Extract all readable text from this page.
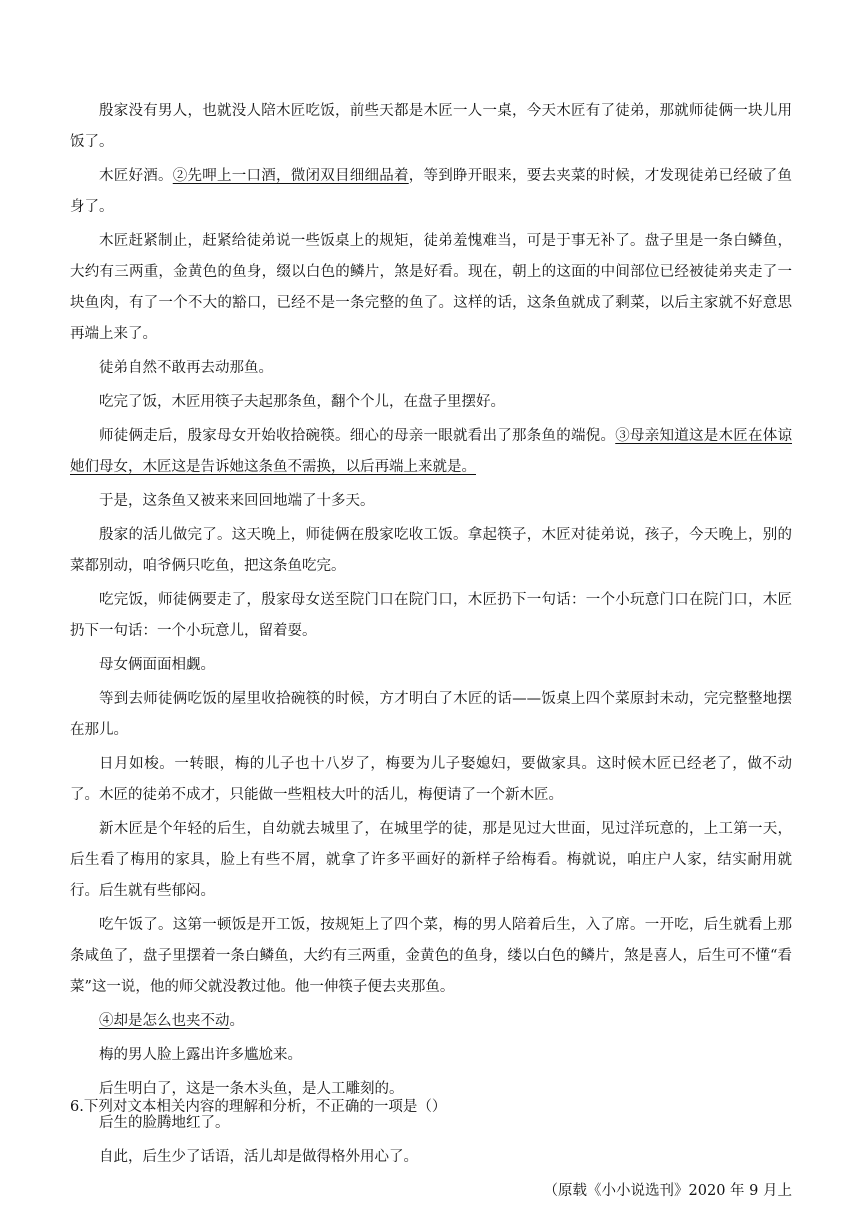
殷家没有男人，也就没人陪木匠吃饭，前些天都是木匠一人一桌，今天木匠有了徒弟，那就师徒俩一块儿用饭了。

木匠好酒。②先呷上一口酒，微闭双目细细品着，等到睁开眼来，要去夹菜的时候，才发现徒弟已经破了鱼身了。

木匠赶紧制止，赶紧给徒弟说一些饭桌上的规矩，徒弟羞愧难当，可是于事无补了。盘子里是一条白鳞鱼，大约有三两重，金黄色的鱼身，缀以白色的鳞片，煞是好看。现在，朝上的这面的中间部位已经被徒弟夹走了一块鱼肉，有了一个不大的豁口，已经不是一条完整的鱼了。这样的话，这条鱼就成了剩菜，以后主家就不好意思再端上来了。

徒弟自然不敢再去动那鱼。

吃完了饭，木匠用筷子夫起那条鱼，翻个个儿，在盘子里摆好。

师徒俩走后，殷家母女开始收拾碗筷。细心的母亲一眼就看出了那条鱼的端倪。③母亲知道这是木匠在体谅她们母女，木匠这是告诉她这条鱼不需换，以后再端上来就是。

于是，这条鱼又被来来回回地端了十多天。

殷家的活儿做完了。这天晚上，师徒俩在殷家吃收工饭。拿起筷子，木匠对徒弟说，孩子，今天晚上，别的菜都别动，咱爷俩只吃鱼，把这条鱼吃完。

吃完饭，师徒俩要走了，殷家母女送至院门口在院门口，木匠扔下一句话：一个小玩意门口在院门口，木匠扔下一句话：一个小玩意儿，留着耍。

母女俩面面相觑。

等到去师徒俩吃饭的屋里收拾碗筷的时候，方才明白了木匠的话——饭桌上四个菜原封未动，完完整整地摆在那儿。

日月如梭。一转眼，梅的儿子也十八岁了，梅要为儿子娶媳妇，要做家具。这时候木匠已经老了，做不动了。木匠的徒弟不成才，只能做一些粗枝大叶的活儿，梅便请了一个新木匠。

新木匠是个年轻的后生，自幼就去城里了，在城里学的徒，那是见过大世面，见过洋玩意的，上工第一天，后生看了梅用的家具，脸上有些不屑，就拿了许多平画好的新样子给梅看。梅就说，咱庄户人家，结实耐用就行。后生就有些郁闷。

吃午饭了。这第一顿饭是开工饭，按规矩上了四个菜，梅的男人陪着后生，入了席。一开吃，后生就看上那条咸鱼了，盘子里摆着一条白鳞鱼，大约有三两重，金黄色的鱼身，缕以白色的鳞片，煞是喜人，后生可不懂“看菜”这一说，他的师父就没教过他。他一伸筷子便去夹那鱼。

④却是怎么也夹不动。

梅的男人脸上露出许多尴尬来。

后生明白了，这是一条木头鱼，是人工雕刻的。

后生的脸腾地红了。

自此，后生少了话语，活儿却是做得格外用心了。

（原载《小小说选刊》2020 年 9 月上

6.下列对文本相关内容的理解和分析，不正确的一项是（）
